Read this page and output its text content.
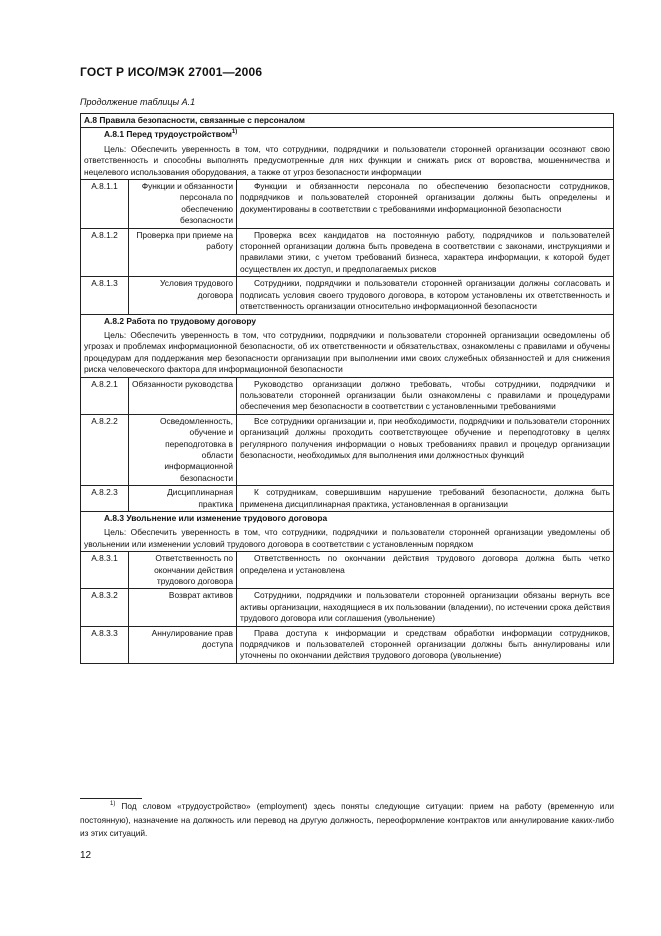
ГОСТ Р ИСО/МЭК 27001—2006
Продолжение таблицы А.1
А.8 Правила безопасности, связанные с персоналом		

А.8.1 Перед трудоустройством$^{1)}$
Цель: Обеспечить уверенность в том, что сотрудники, подрядчики и пользователи сторонней организации осознают свою ответственность и способны выполнять предусмотренные для них функции и снижать риск от воровства, мошенничества и нецелевого использования оборудования, а также от угроз безопасности информации		

А.8.1.1	Функции и обязанности персонала по обеспечению безопасности	Функции и обязанности персонала по обеспечению безопасности сотрудников, подрядчиков и пользователей сторонней организации должны быть определены и документированы в соответствии с требованиями информационной безопасности
А.8.1.2	Проверка при приеме на работу	Проверка всех кандидатов на постоянную работу, подрядчиков и пользователей сторонней организации должна быть проведена в соответствии с законами, инструкциями и правилами этики, с учетом требований бизнеса, характера информации, к которой будет осуществлен их доступ, и предполагаемых рисков
А.8.1.3	Условия трудового договора	Сотрудники, подрядчики и пользователи сторонней организации должны согласовать и подписать условия своего трудового договора, в котором установлены их ответственность и ответственность организации относительно информационной безопасности

А.8.2 Работа по трудовому договору
Цель: Обеспечить уверенность в том, что сотрудники, подрядчики и пользователи сторонней организации осведомлены об угрозах и проблемах информационной безопасности, об их ответственности и обязательствах, ознакомлены с правилами и обучены процедурам для поддержания мер безопасности организации при выполнении ими своих служебных обязанностей и для снижения риска человеческого фактора для информационной безопасности		

А.8.2.1	Обязанности руководства	Руководство организации должно требовать, чтобы сотрудники, подрядчики и пользователи сторонней организации были ознакомлены с правилами и процедурами обеспечения мер безопасности в соответствии с установленными требованиями
А.8.2.2	Осведомленность, обучение и переподготовка в области информационной безопасности	Все сотрудники организации и, при необходимости, подрядчики и пользователи сторонних организаций должны проходить соответствующее обучение и переподготовку в целях регулярного получения информации о новых требованиях правил и процедур организации безопасности, необходимых для выполнения ими должностных функций
А.8.2.3	Дисциплинарная практика	К сотрудникам, совершившим нарушение требований безопасности, должна быть применена дисциплинарная практика, установленная в организации

А.8.3 Увольнение или изменение трудового договора
Цель: Обеспечить уверенность в том, что сотрудники, подрядчики и пользователи сторонней организации уведомлены об увольнении или изменении условий трудового договора в соответствии с установленным порядком		

А.8.3.1	Ответственность по окончании действия трудового договора	Ответственность по окончании действия трудового договора должна быть четко определена и установлена
А.8.3.2	Возврат активов	Сотрудники, подрядчики и пользователи сторонней организации обязаны вернуть все активы организации, находящиеся в их пользовании (владении), по истечении срока действия трудового договора или соглашения (увольнение)
А.8.3.3	Аннулирование прав доступа	Права доступа к информации и средствам обработки информации сотрудников, подрядчиков и пользователей сторонней организации должны быть аннулированы или уточнены по окончании действия трудового договора (увольнение)
$^{1)}$ Под словом «трудоустройство» (employment) здесь поняты следующие ситуации: прием на работу (временную или постоянную), назначение на должность или перевод на другую должность, переоформление контрактов или аннулирование каких-либо из этих ситуаций.
12
